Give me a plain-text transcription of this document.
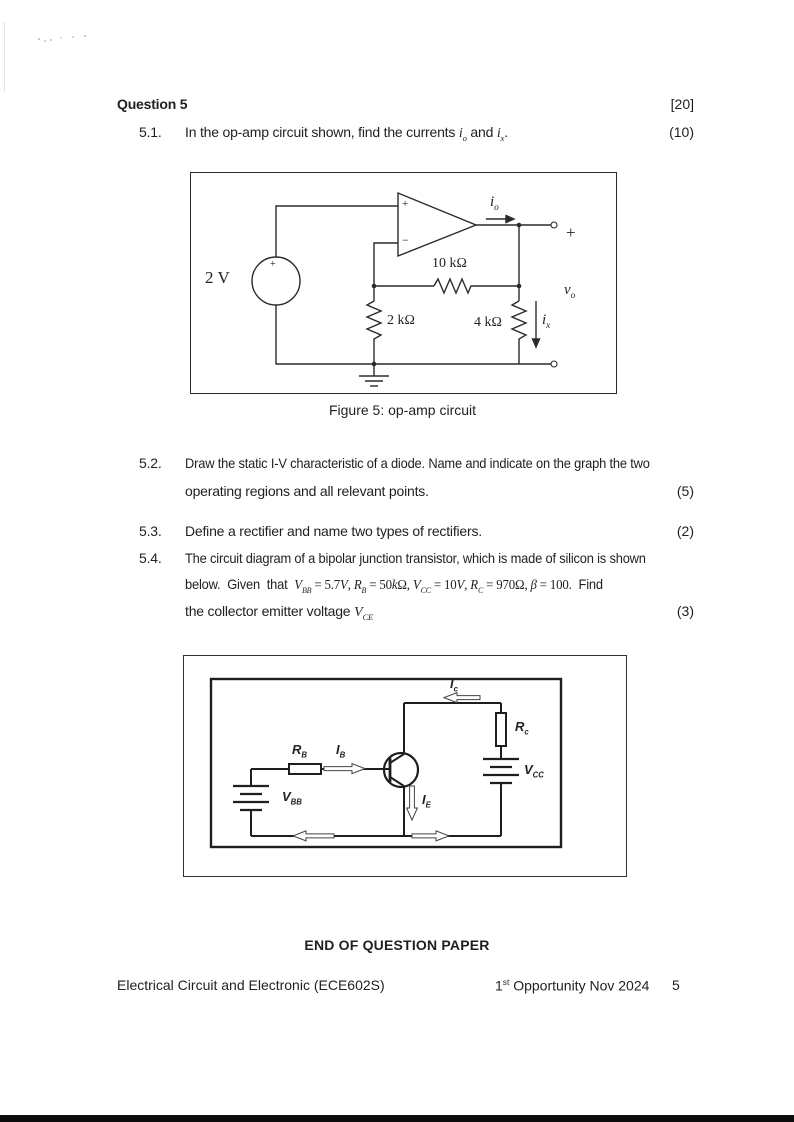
Question 5	[20]
5.1. In the op-amp circuit shown, find the currents $i_o$ and $i_x$.	(10)
2 V
+
+
−
10 kΩ
2 kΩ	4 kΩ
$i_o$
$i_x$
$v_o$
+
Figure 5: op-amp circuit
5.2. Draw the static I-V characteristic of a diode. Name and indicate on the graph the two
operating regions and all relevant points.	(5)
5.3. Define a rectifier and name two types of rectifiers.	(2)
5.4. The circuit diagram of a bipolar junction transistor, which is made of silicon is shown
below.  Given  that  $V_{BB} = 5.7V$, $R_B = 50k\Omega$, $V_{CC} = 10V$, $R_C = 970\Omega$, β = 100.  Find
the collector emitter voltage $V_{CE}$	(3)
$R_B$ $I_B$
$I_c$
$R_c$
$V_{CC}$
$V_{BB}$	$I_E$
END OF QUESTION PAPER
Electrical Circuit and Electronic (ECE602S)	1st Opportunity Nov 2024 5
